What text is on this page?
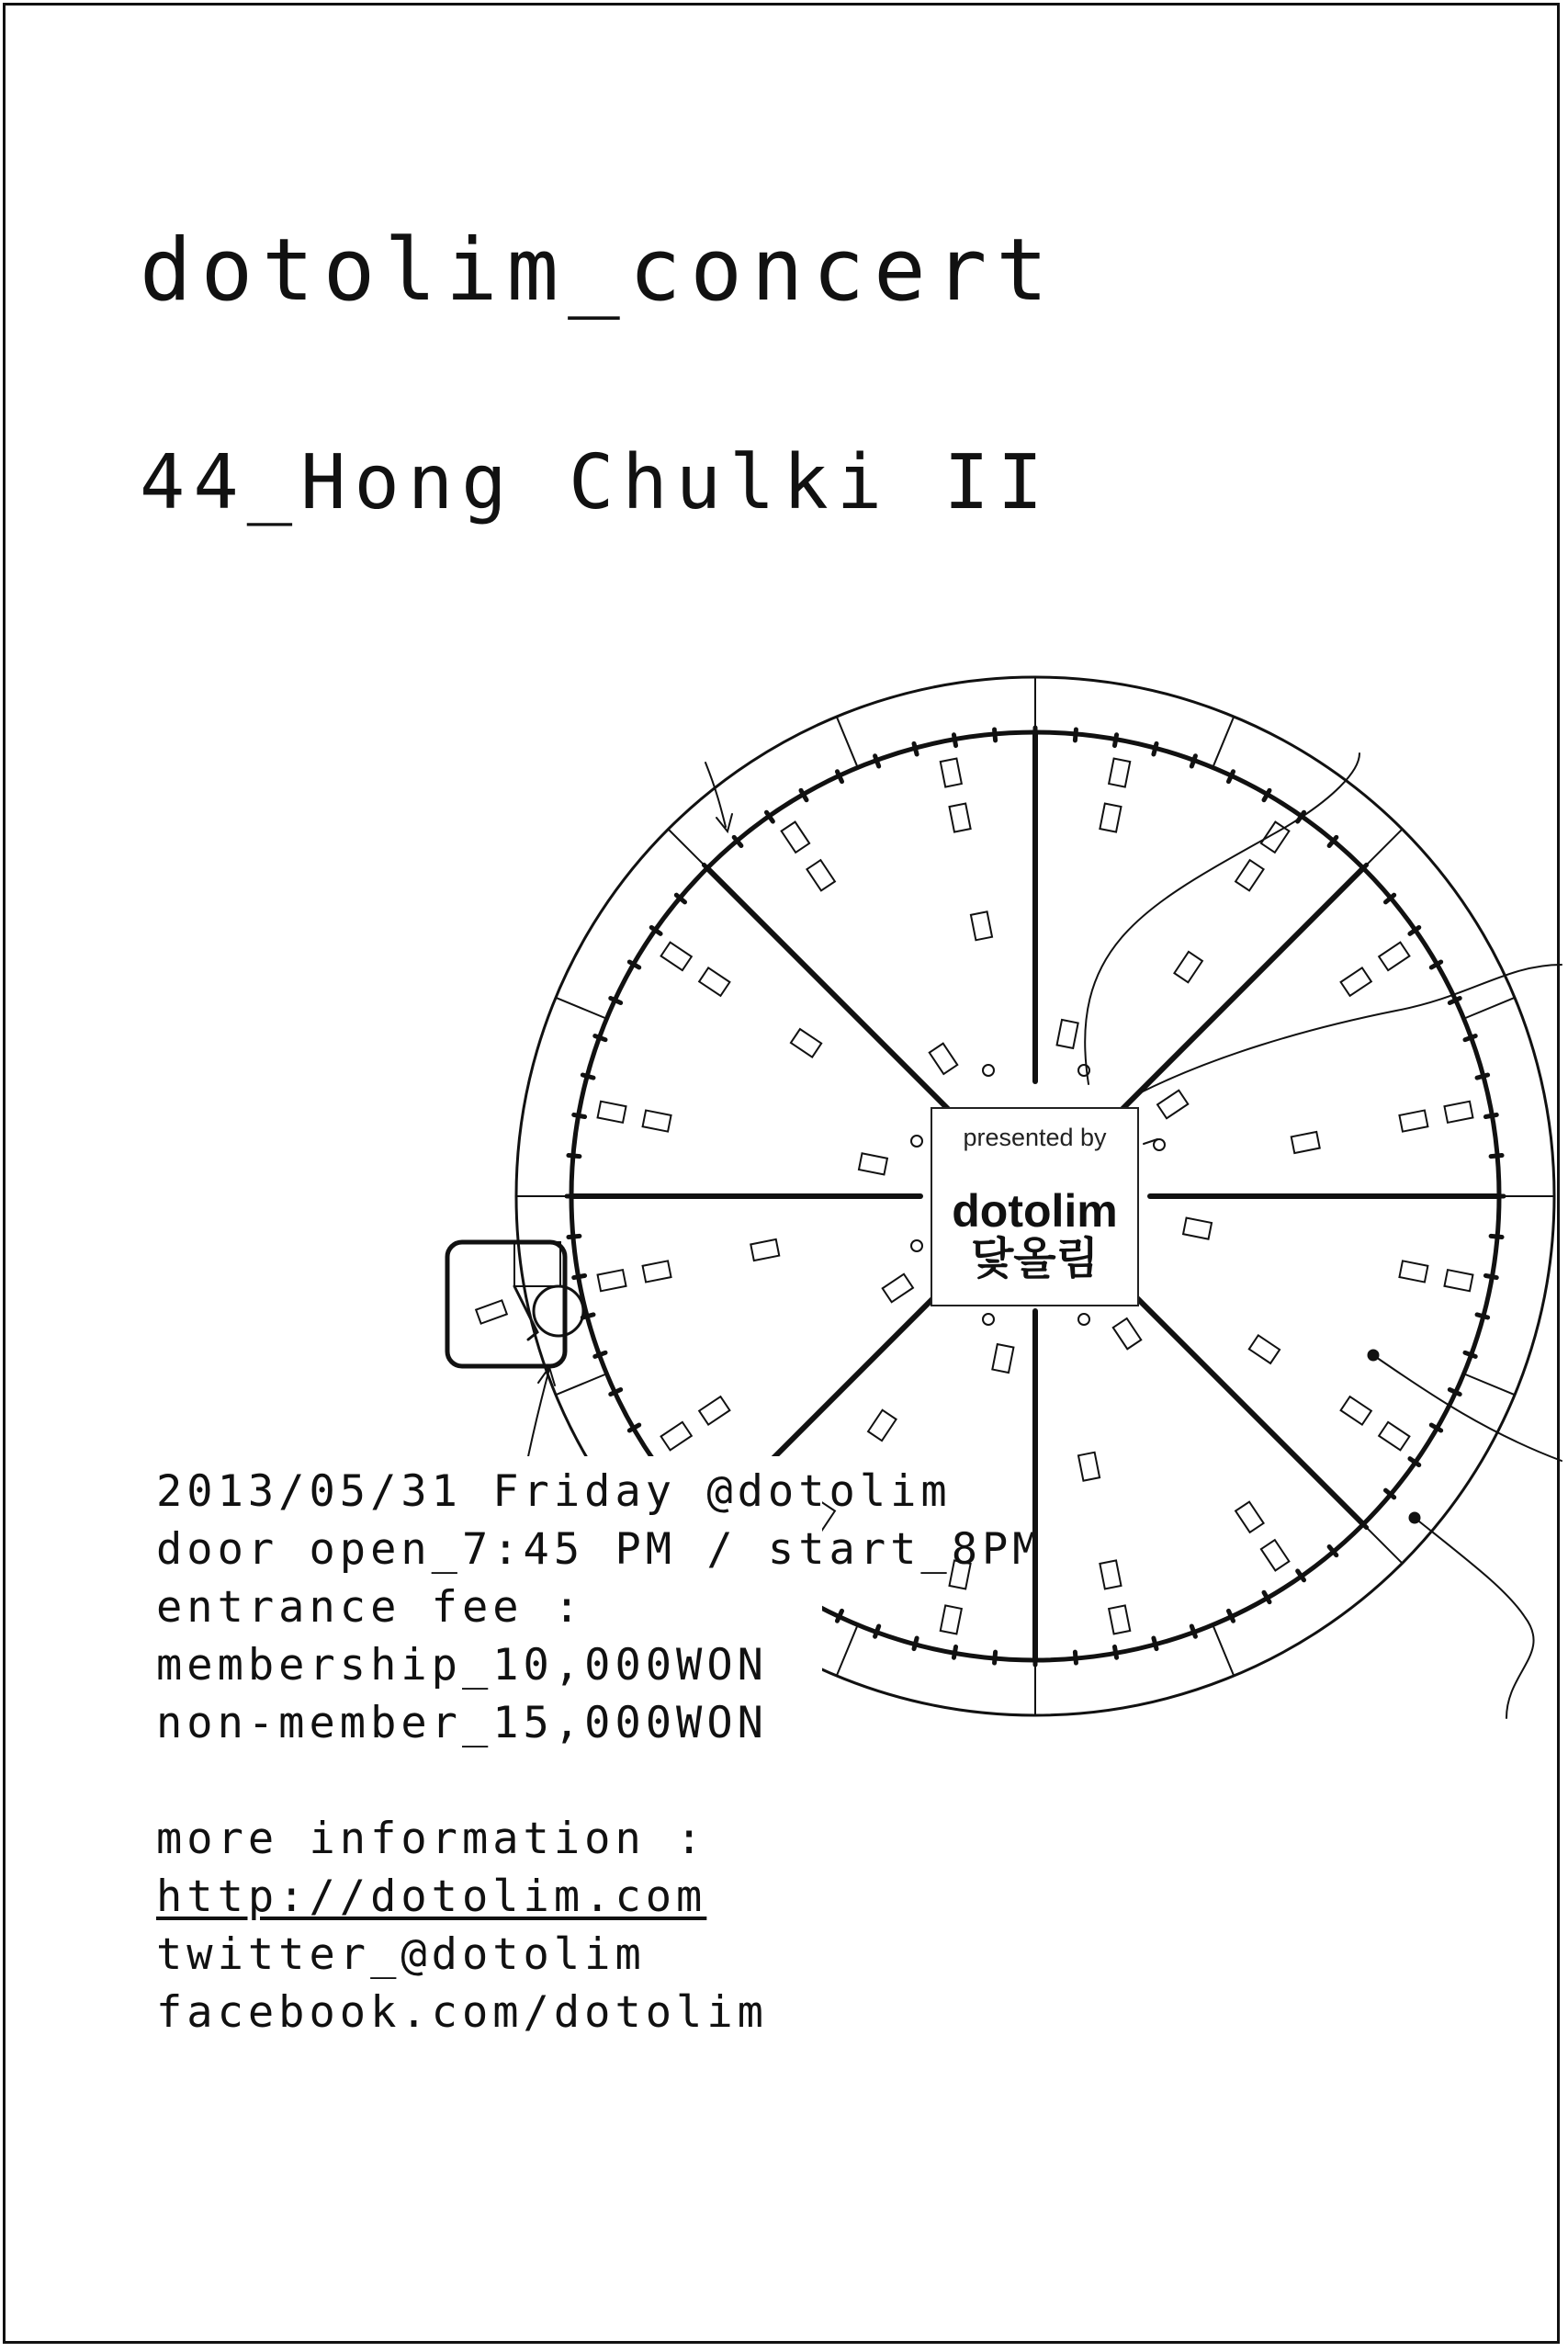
dotolim_concert
44_Hong Chulki II
presented by
dotolim
닻올림
2013/05/31 Friday @dotolim
door open_7:45 PM / start_8PM
entrance fee :
membership_10,000WON
non-member_15,000WON
more information :
http://dotolim.com
twitter_@dotolim
facebook.com/dotolim
